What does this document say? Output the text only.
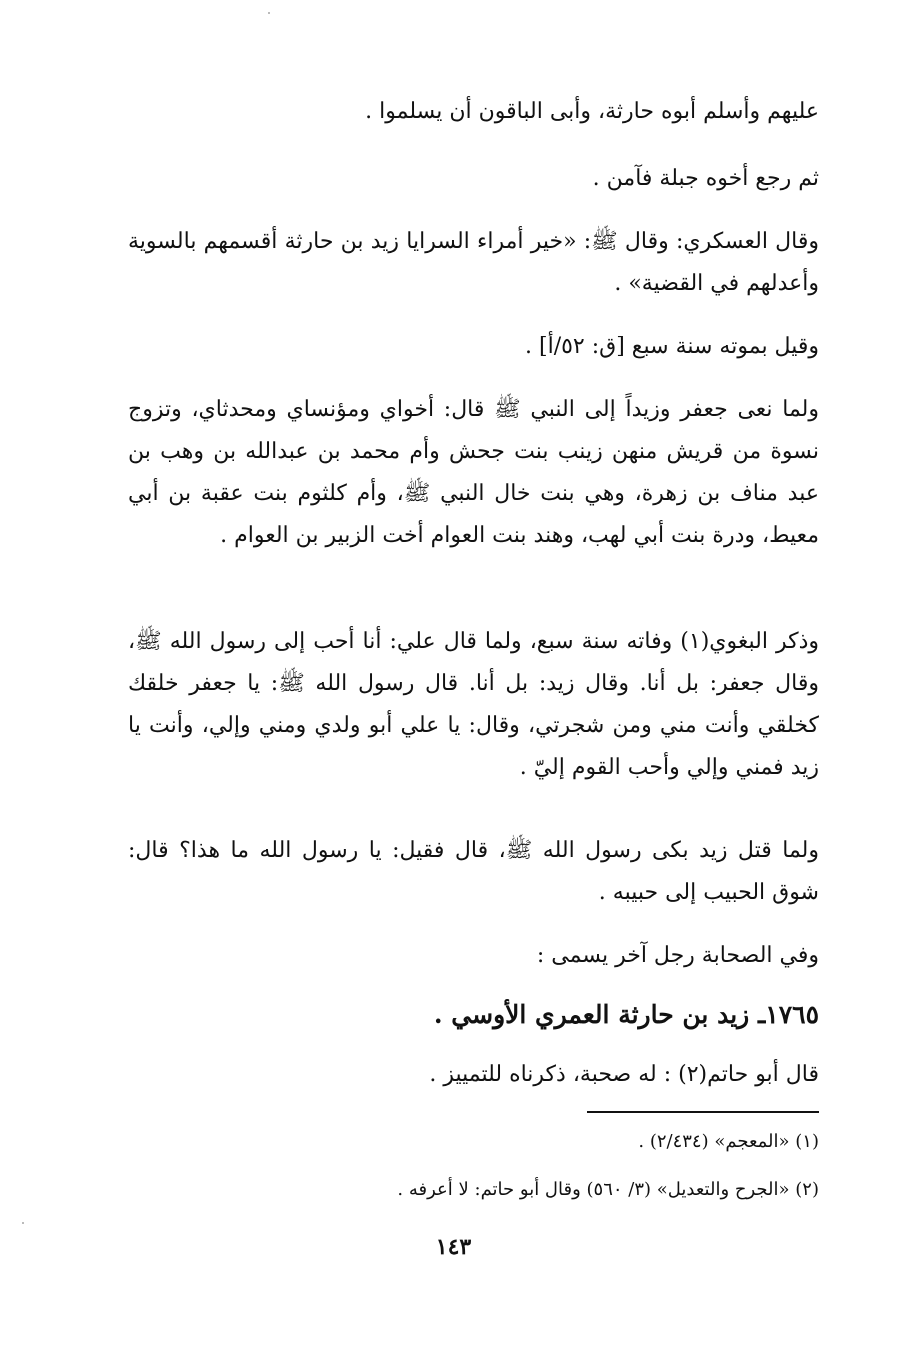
عليهم وأسلم أبوه حارثة، وأبى الباقون أن يسلموا .
ثم رجع أخوه جبلة فآمن .
وقال العسكري: وقال ﷺ: «خير أمراء السرايا زيد بن حارثة أقسمهم بالسوية وأعدلهم في القضية» .
وقيل بموته سنة سبع [ق: ٥٢/أ] .
ولما نعى جعفر وزيداً إلى النبي ﷺ قال: أخواي ومؤنساي ومحدثاي، وتزوج نسوة من قريش منهن زينب بنت جحش وأم محمد بن عبدالله بن وهب بن عبد مناف بن زهرة، وهي بنت خال النبي ﷺ، وأم كلثوم بنت عقبة بن أبي معيط، ودرة بنت أبي لهب، وهند بنت العوام أخت الزبير بن العوام .
وذكر البغوي(١) وفاته سنة سبع، ولما قال علي: أنا أحب إلى رسول الله ﷺ، وقال جعفر: بل أنا. وقال زيد: بل أنا. قال رسول الله ﷺ: يا جعفر خلقك كخلقي وأنت مني ومن شجرتي، وقال: يا علي أبو ولدي ومني وإلي، وأنت يا زيد فمني وإلي وأحب القوم إليّ .
ولما قتل زيد بكى رسول الله ﷺ، قال فقيل: يا رسول الله ما هذا؟ قال: شوق الحبيب إلى حبيبه .
وفي الصحابة رجل آخر يسمى :
١٧٦٥ـ زيد بن حارثة العمري الأوسي .
قال أبو حاتم(٢) : له صحبة، ذكرناه للتمييز .
(١) «المعجم» (٢/٤٣٤) .
(٢) «الجرح والتعديل» (٣/ ٥٦٠) وقال أبو حاتم: لا أعرفه .
١٤٣
